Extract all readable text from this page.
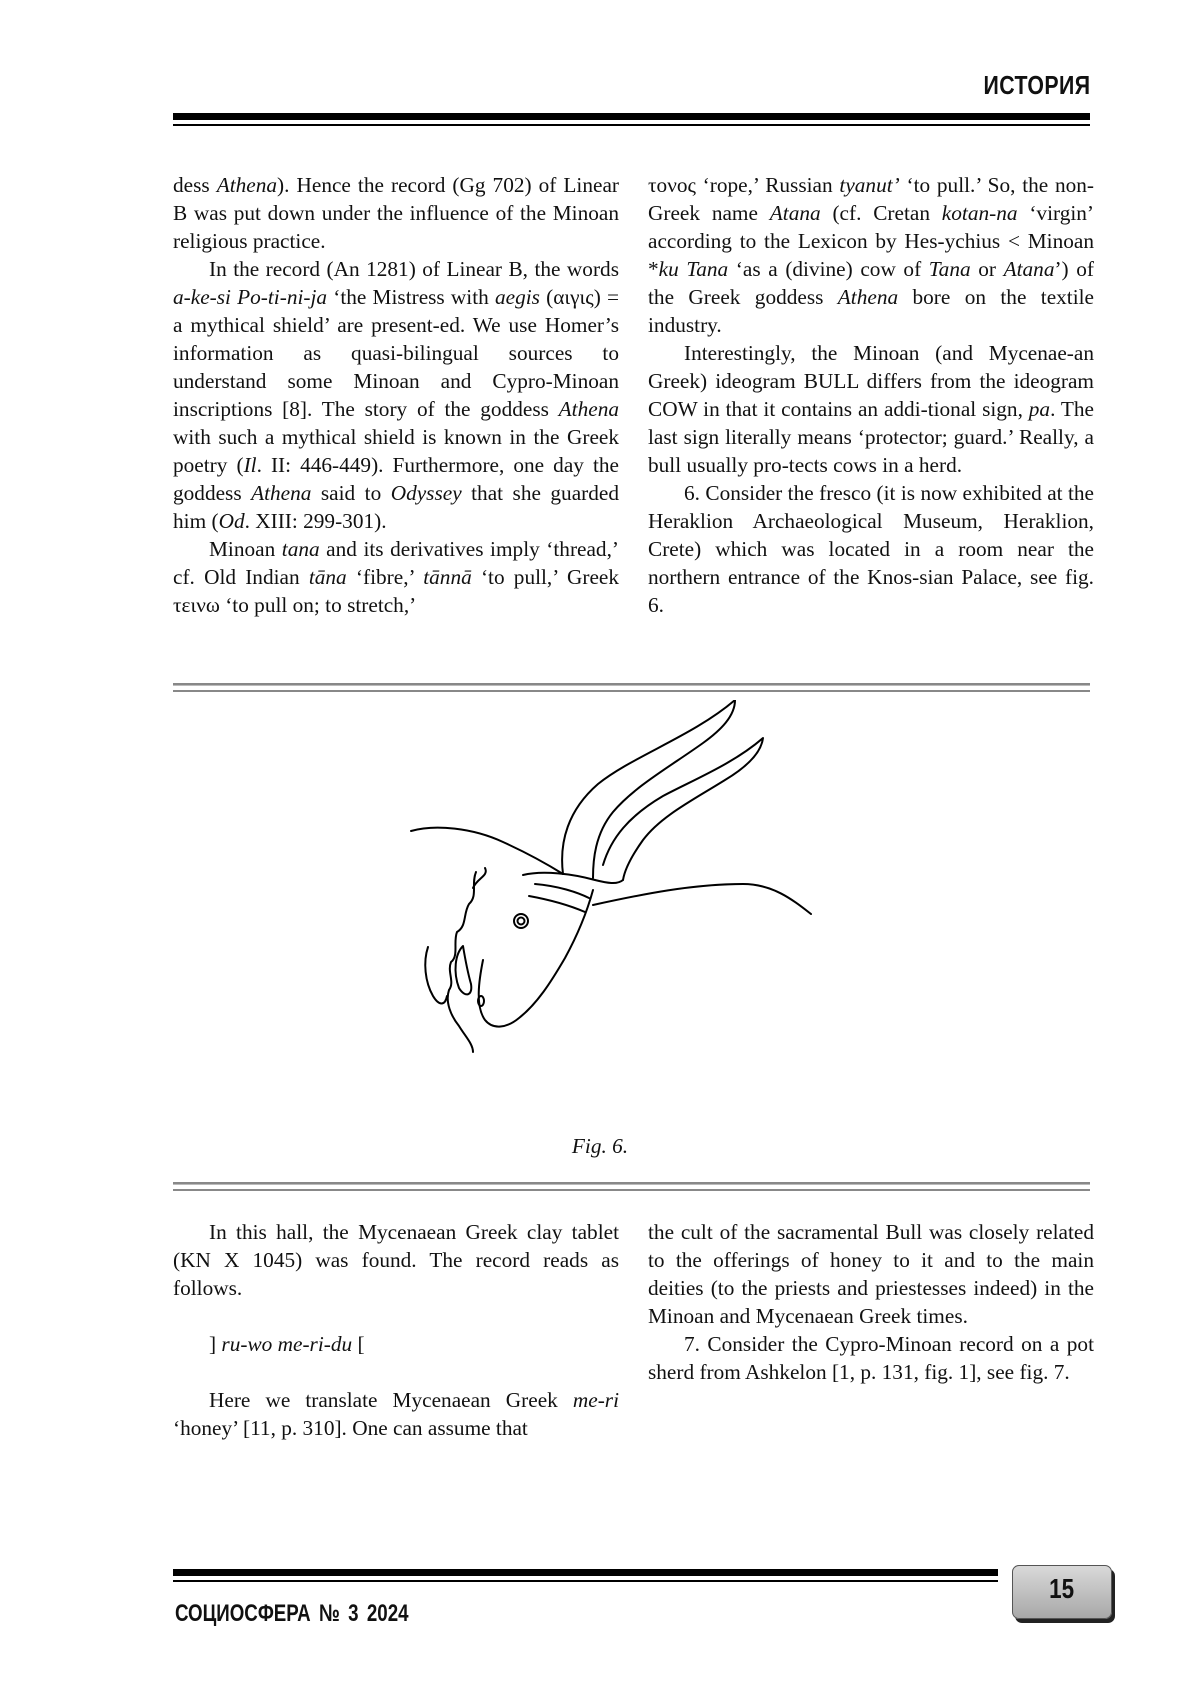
ИСТОРИЯ

dess Athena). Hence the record (Gg 702) of Linear B was put down under the influence of the Minoan religious practice.

In the record (An 1281) of Linear B, the words a-ke-si Po-ti-ni-ja ‘the Mistress with aegis (αιγις) = a mythical shield’ are present-ed. We use Homer’s information as quasi-bilingual sources to understand some Minoan and Cypro-Minoan inscriptions [8]. The story of the goddess Athena with such a mythical shield is known in the Greek poetry (Il. II: 446-449). Furthermore, one day the goddess Athena said to Odyssey that she guarded him (Od. XIII: 299-301).

Minoan tana and its derivatives imply ‘thread,’ cf. Old Indian tāna ‘fibre,’ tānnā ‘to pull,’ Greek τεινω ‘to pull on; to stretch,’

τονος ‘rope,’ Russian tyanut’ ‘to pull.’ So, the non-Greek name Atana (cf. Cretan kotan-na ‘virgin’ according to the Lexicon by Hes-ychius < Minoan *ku Tana ‘as a (divine) cow of Tana or Atana’) of the Greek goddess Athena bore on the textile industry.

Interestingly, the Minoan (and Mycenae-an Greek) ideogram BULL differs from the ideogram COW in that it contains an addi-tional sign, pa. The last sign literally means ‘protector; guard.’ Really, a bull usually pro-tects cows in a herd.

6. Consider the fresco (it is now exhibited at the Heraklion Archaeological Museum, Heraklion, Crete) which was located in a room near the northern entrance of the Knos-sian Palace, see fig. 6.

Fig. 6.

In this hall, the Mycenaean Greek clay tablet (KN X 1045) was found. The record reads as follows.

] ru-wo me-ri-du [

Here we translate Mycenaean Greek me-ri ‘honey’ [11, p. 310]. One can assume that

the cult of the sacramental Bull was closely related to the offerings of honey to it and to the main deities (to the priests and priestesses indeed) in the Minoan and Mycenaean Greek times.

7. Consider the Cypro-Minoan record on a pot sherd from Ashkelon [1, p. 131, fig. 1], see fig. 7.

СОЦИОСФЕРА № 3 2024
15
